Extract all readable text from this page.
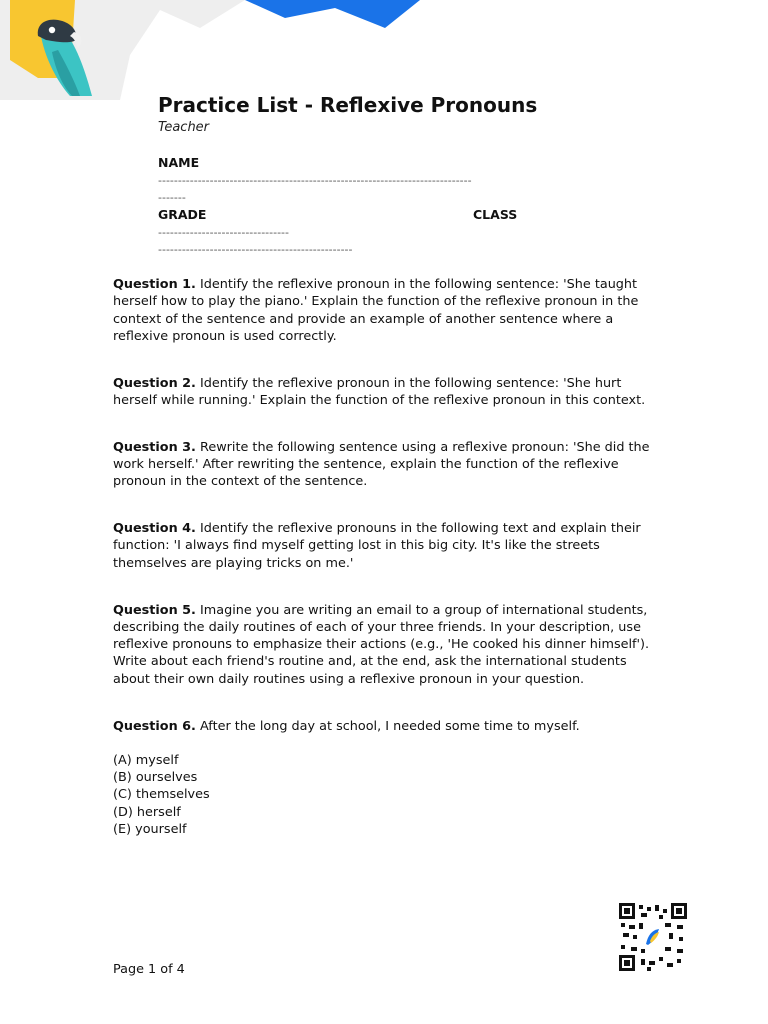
Practice List - Reflexive Pronouns
Teacher
NAME
-------------------------------------------------------------------------------
-------
GRADE
---------------------------------
CLASS
-------------------------------------------------

Question 1. Identify the reflexive pronoun in the following sentence: 'She taught herself how to play the piano.' Explain the function of the reflexive pronoun in the context of the sentence and provide an example of another sentence where a reflexive pronoun is used correctly.

Question 2. Identify the reflexive pronoun in the following sentence: 'She hurt herself while running.' Explain the function of the reflexive pronoun in this context.

Question 3. Rewrite the following sentence using a reflexive pronoun: 'She did the work herself.' After rewriting the sentence, explain the function of the reflexive pronoun in the context of the sentence.

Question 4. Identify the reflexive pronouns in the following text and explain their function: 'I always find myself getting lost in this big city. It's like the streets themselves are playing tricks on me.'

Question 5. Imagine you are writing an email to a group of international students, describing the daily routines of each of your three friends. In your description, use reflexive pronouns to emphasize their actions (e.g., 'He cooked his dinner himself'). Write about each friend's routine and, at the end, ask the international students about their own daily routines using a reflexive pronoun in your question.

Question 6. After the long day at school, I needed some time to myself.

(A) myself
(B) ourselves
(C) themselves
(D) herself
(E) yourself
Page 1 of 4
